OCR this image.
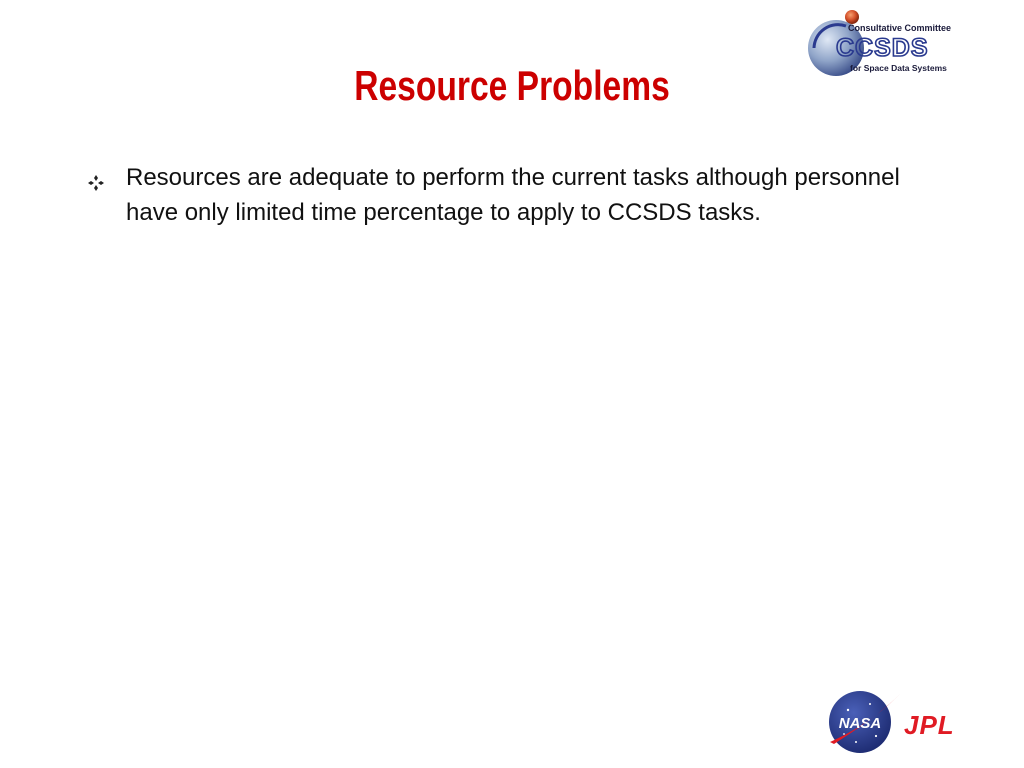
Resource Problems
Consultative Committee
CCSDS
for Space Data Systems
Resources are adequate to perform the current tasks although personnel have only limited time percentage to apply to CCSDS tasks.
NASA JPL
